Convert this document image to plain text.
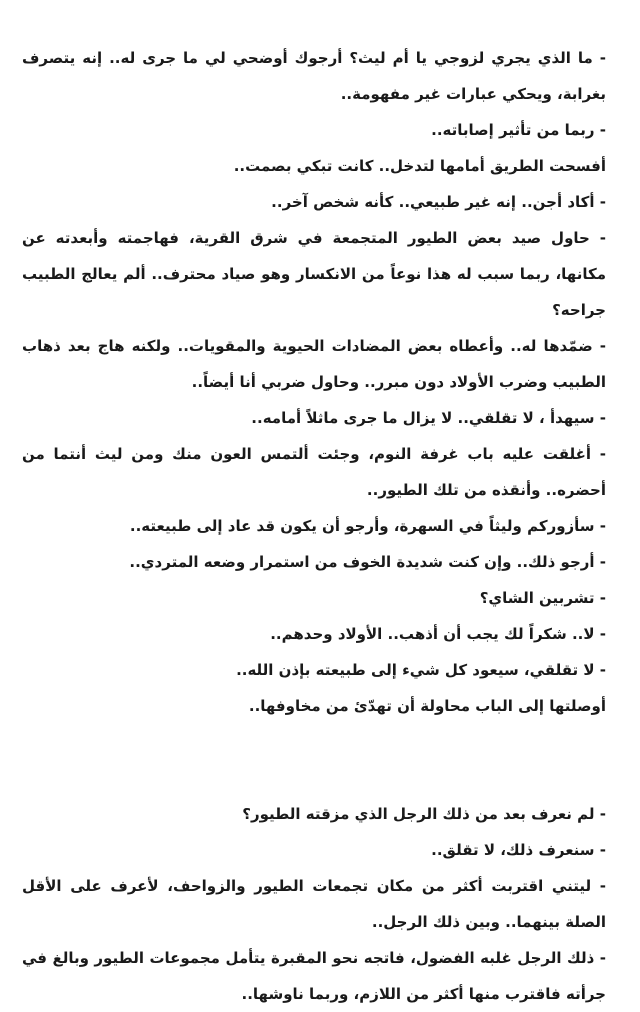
- ما الذي يجري لزوجي يا أم ليث؟ أرجوك أوضحي لي ما جرى له.. إنه يتصرف بغرابة، ويحكي عبارات غير مفهومة..

- ربما من تأثير إصاباته..

أفسحت الطريق أمامها لتدخل.. كانت تبكي بصمت..

- أكاد أجن.. إنه غير طبيعي.. كأنه شخص آخر..

- حاول صيد بعض الطيور المتجمعة في شرق القرية، فهاجمته وأبعدته عن مكانها، ربما سبب له هذا نوعاً من الانكسار وهو صياد محترف.. ألم يعالج الطبيب جراحه؟

- ضمّدها له.. وأعطاه بعض المضادات الحيوية والمقويات.. ولكنه هاج بعد ذهاب الطبيب وضرب الأولاد دون مبرر.. وحاول ضربي أنا أيضاً..

- سيهدأ ، لا تقلقي.. لا يزال ما جرى ماثلاً أمامه..

- أغلقت عليه باب غرفة النوم، وجئت ألتمس العون منك ومن ليث أنتما من أحضره.. وأنقذه من تلك الطيور..

- سأزوركم وليثاً في السهرة، وأرجو أن يكون قد عاد إلى طبيعته..

- أرجو ذلك.. وإن كنت شديدة الخوف من استمرار وضعه المتردي..

- تشربين الشاي؟

- لا.. شكراً لك يجب أن أذهب.. الأولاد وحدهم..

- لا تقلقي، سيعود كل شيء إلى طبيعته بإذن الله..

أوصلتها إلى الباب محاولة أن تهدّئ من مخاوفها..

- لم نعرف بعد من ذلك الرجل الذي مزقته الطيور؟

- سنعرف ذلك، لا تقلق..

- ليتني اقتربت أكثر من مكان تجمعات الطيور والزواحف، لأعرف على الأقل الصلة بينهما.. وبين ذلك الرجل..

- ذلك الرجل غلبه الفضول، فاتجه نحو المقبرة يتأمل مجموعات الطيور وبالغ في جرأته فاقترب منها أكثر من اللازم، وربما ناوشها..
